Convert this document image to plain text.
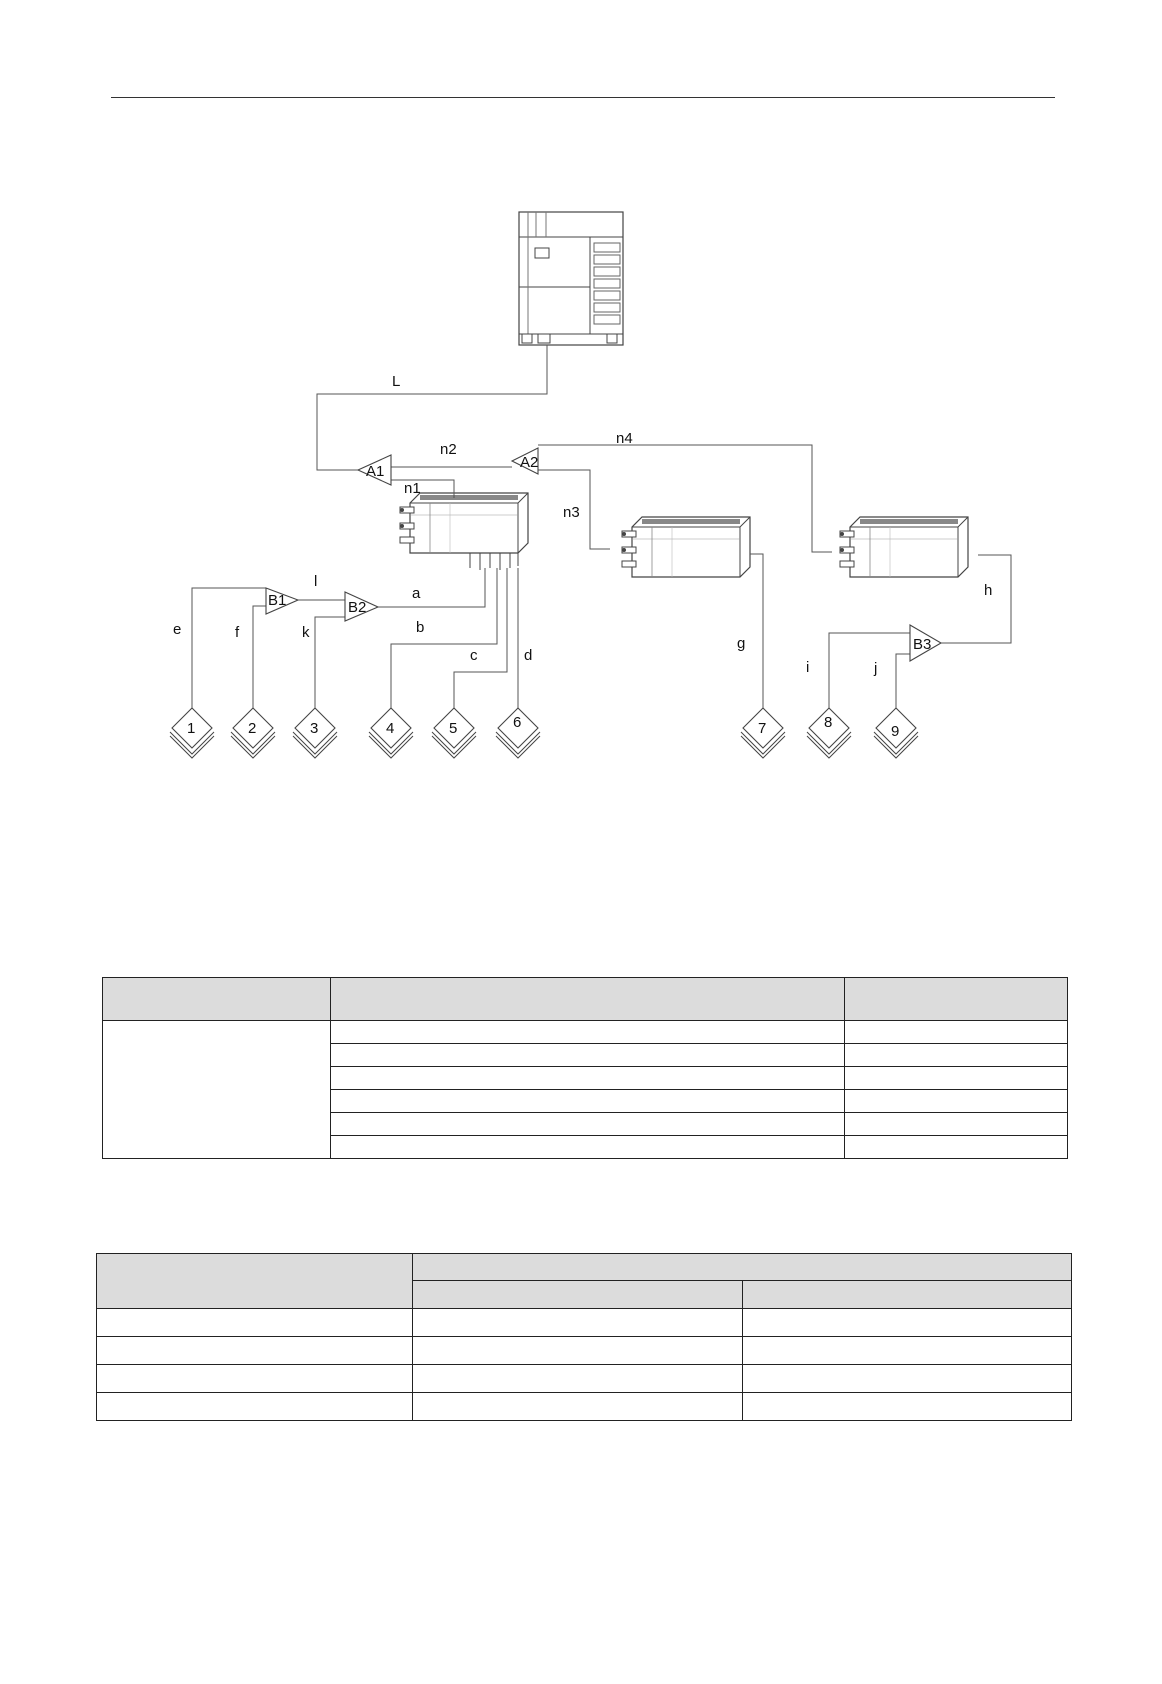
A1
A2
B1	B2
B3
1	2	3	4	5	6	7	8
9
L
n1
n2
n3
n4
a
b
c	d
e	f
g
h
i	j
k
l
